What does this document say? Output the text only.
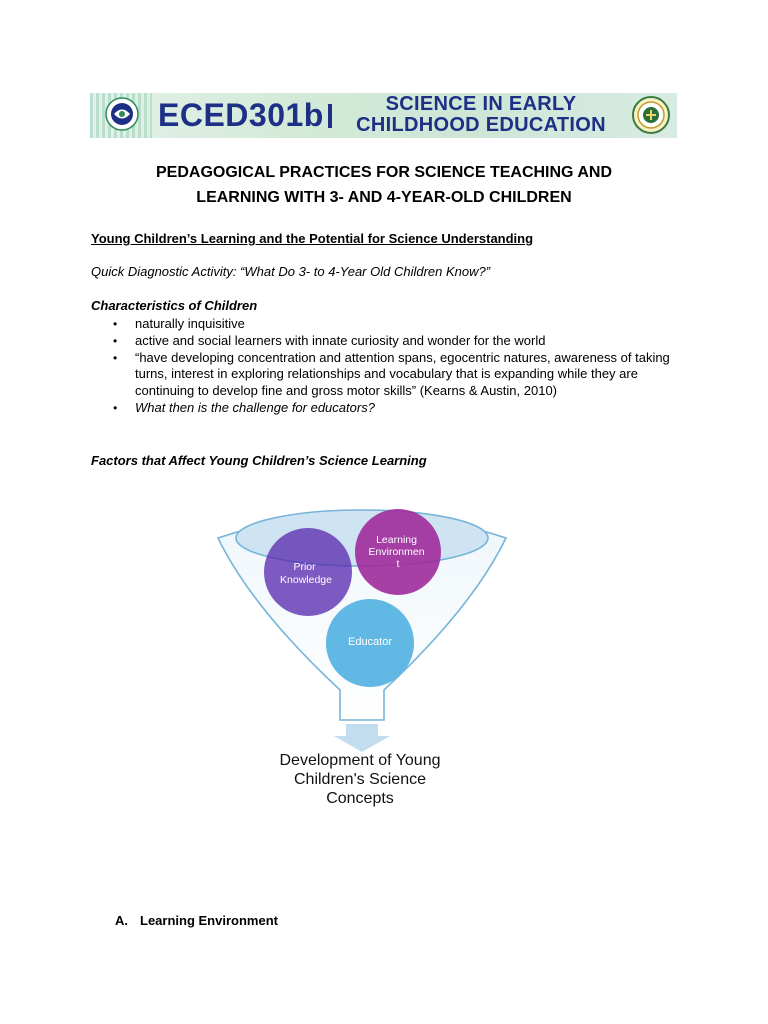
ECED301b	SCIENCE IN EARLY
CHILDHOOD EDUCATION
PEDAGOGICAL PRACTICES FOR SCIENCE TEACHING AND
LEARNING WITH 3- AND 4-YEAR-OLD CHILDREN

Young Children’s Learning and the Potential for Science Understanding

Quick Diagnostic Activity: “What Do 3- to 4-Year Old Children Know?”

Characteristics of Children

• naturally inquisitive
• active and social learners with innate curiosity and wonder for the world
• “have developing concentration and attention spans, egocentric natures, awareness of taking turns, interest in exploring relationships and vocabulary that is expanding while they are continuing to develop fine and gross motor skills” (Kearns & Austin, 2010)
• What then is the challenge for educators?

Factors that Affect Young Children’s Science Learning

Prior Knowledge
Learning Environmen t
Educator
Development of Young
Children's Science
Concepts

A. Learning Environment
